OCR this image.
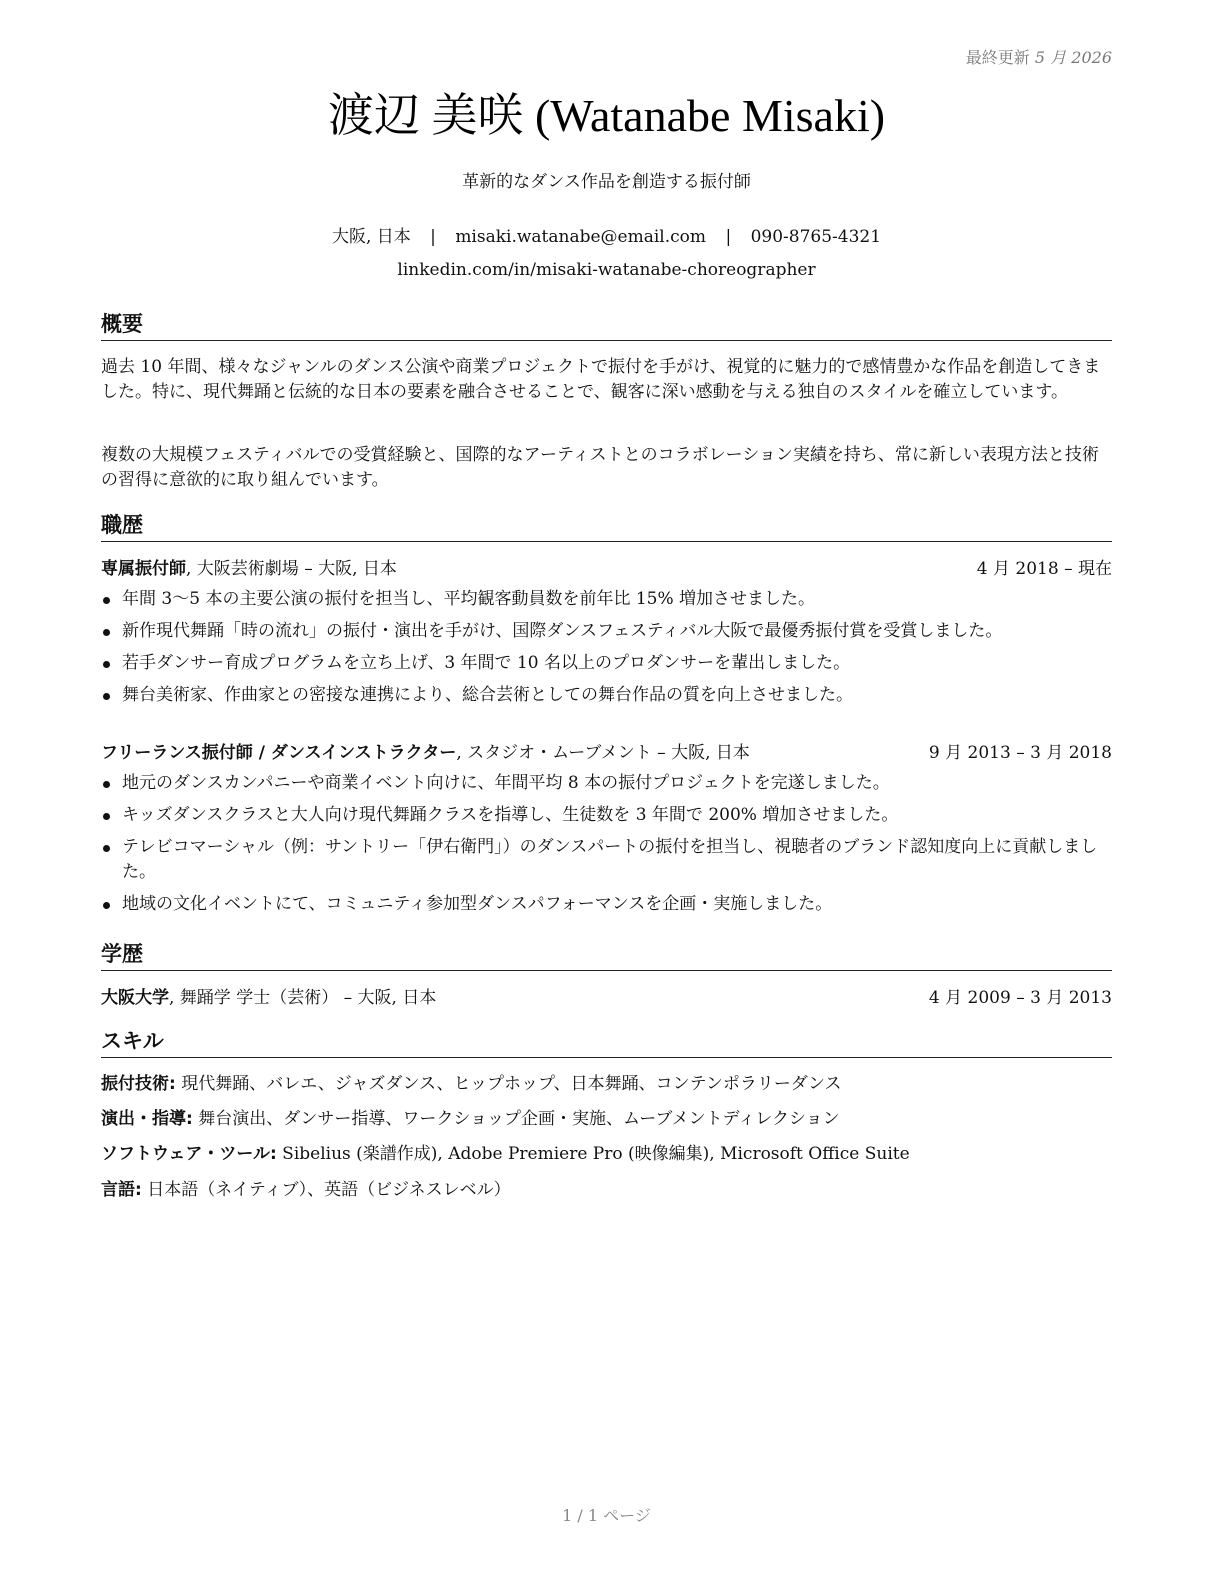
最終更新 5 月 2026
渡辺 美咲 (Watanabe Misaki)
革新的なダンス作品を創造する振付師
大阪, 日本 | misaki.watanabe@email.com | 090-8765-4321
linkedin.com/in/misaki-watanabe-choreographer
概要
過去 10 年間、様々なジャンルのダンス公演や商業プロジェクトで振付を手がけ、視覚的に魅力的で感情豊かな作品を創造してきました。特に、現代舞踊と伝統的な日本の要素を融合させることで、観客に深い感動を与える独自のスタイルを確立しています。
複数の大規模フェスティバルでの受賞経験と、国際的なアーティストとのコラボレーション実績を持ち、常に新しい表現方法と技術の習得に意欲的に取り組んでいます。
職歴
専属振付師, 大阪芸術劇場 – 大阪, 日本	4 月 2018 – 現在
年間 3〜5 本の主要公演の振付を担当し、平均観客動員数を前年比 15% 増加させました。
新作現代舞踊「時の流れ」の振付・演出を手がけ、国際ダンスフェスティバル大阪で最優秀振付賞を受賞しました。
若手ダンサー育成プログラムを立ち上げ、3 年間で 10 名以上のプロダンサーを輩出しました。
舞台美術家、作曲家との密接な連携により、総合芸術としての舞台作品の質を向上させました。
フリーランス振付師 / ダンスインストラクター, スタジオ・ムーブメント – 大阪, 日本	9 月 2013 – 3 月 2018
地元のダンスカンパニーや商業イベント向けに、年間平均 8 本の振付プロジェクトを完遂しました。
キッズダンスクラスと大人向け現代舞踊クラスを指導し、生徒数を 3 年間で 200% 増加させました。
テレビコマーシャル（例：サントリー「伊右衛門」）のダンスパートの振付を担当し、視聴者のブランド認知度向上に貢献しました。
地域の文化イベントにて、コミュニティ参加型ダンスパフォーマンスを企画・実施しました。
学歴
大阪大学, 舞踊学 学士（芸術） – 大阪, 日本	4 月 2009 – 3 月 2013
スキル
振付技術: 現代舞踊、バレエ、ジャズダンス、ヒップホップ、日本舞踊、コンテンポラリーダンス
演出・指導: 舞台演出、ダンサー指導、ワークショップ企画・実施、ムーブメントディレクション
ソフトウェア・ツール: Sibelius (楽譜作成), Adobe Premiere Pro (映像編集), Microsoft Office Suite
言語: 日本語（ネイティブ）、英語（ビジネスレベル）
1 / 1 ページ
